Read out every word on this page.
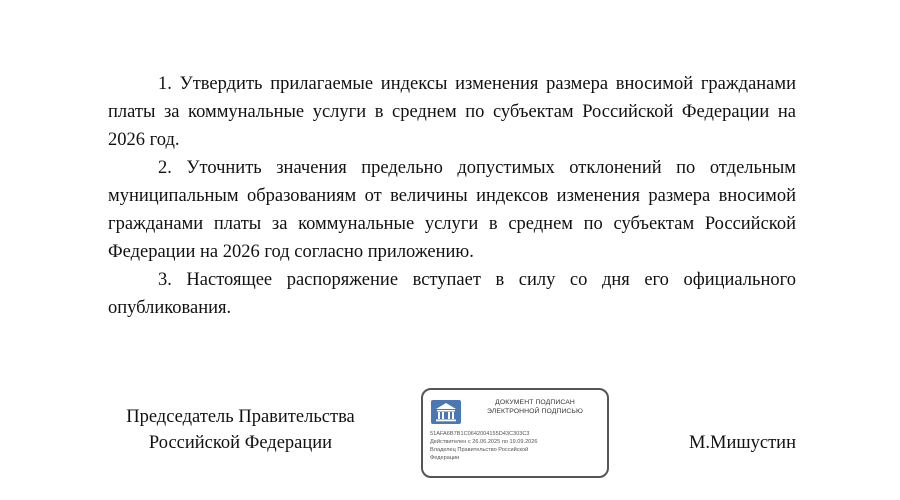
1. Утвердить прилагаемые индексы изменения размера вносимой гражданами платы за коммунальные услуги в среднем по субъектам Российской Федерации на 2026 год.

2. Уточнить значения предельно допустимых отклонений по отдельным муниципальным образованиям от величины индексов изменения размера вносимой гражданами платы за коммунальные услуги в среднем по субъектам Российской Федерации на 2026 год согласно приложению.

3. Настоящее распоряжение вступает в силу со дня его официального опубликования.

Председатель Правительства
Российской Федерации
ДОКУМЕНТ ПОДПИСАН
ЭЛЕКТРОННОЙ ПОДПИСЬЮ
51AFA6B7B1C0642004155D43C303C3
Действителен с 26.06.2025 по 19.09.2026
Владелец Правительство Российской
Федерации
М.Мишустин
